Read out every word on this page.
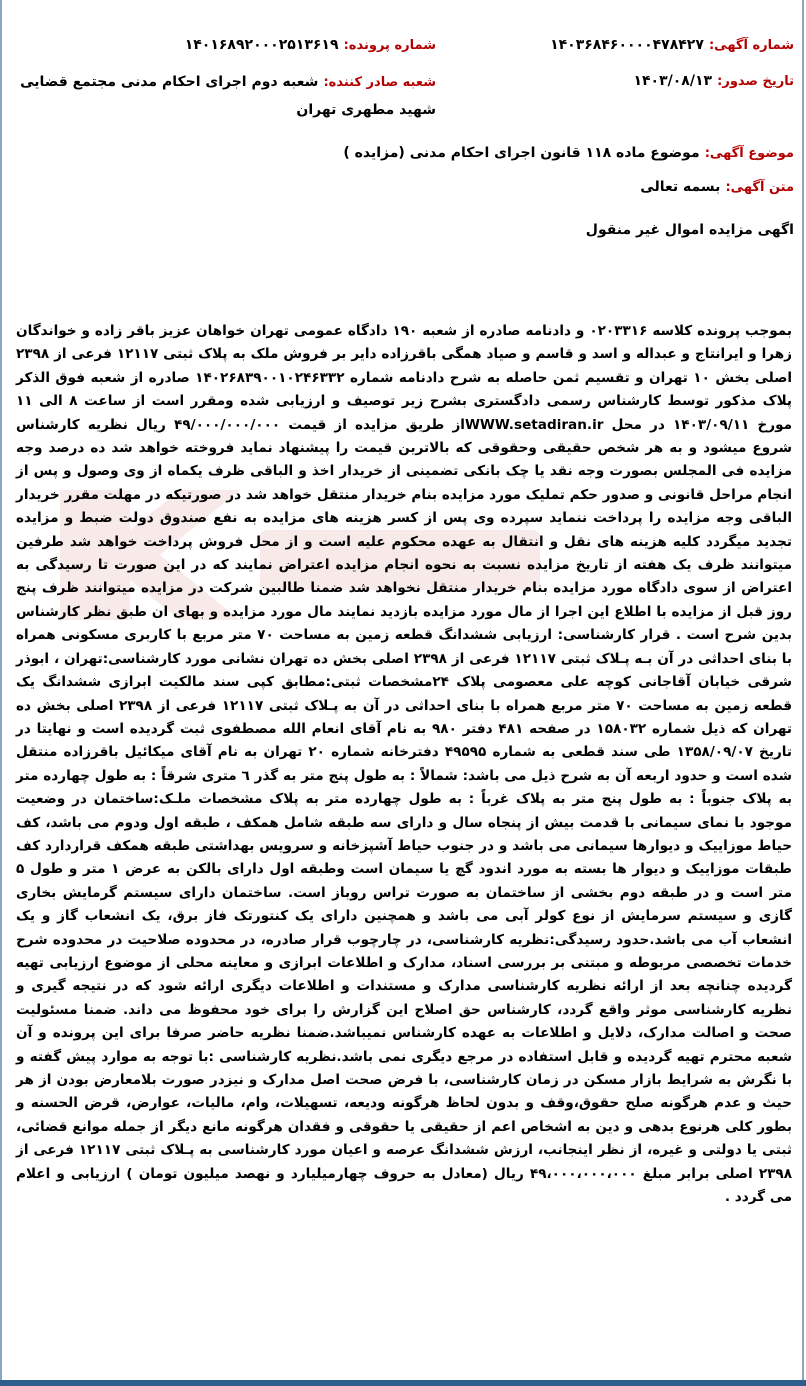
شماره آگهی: ۱۴۰۳۶۸۴۶۰۰۰۰۴۷۸۴۲۷
شماره پرونده: ۱۴۰۱۶۸۹۲۰۰۰۲۵۱۳۶۱۹
تاریخ صدور: ۱۴۰۳/۰۸/۱۳
شعبه صادر کننده: شعبه دوم اجرای احکام مدنی مجتمع قضایی شهید مطهری تهران
موضوع آگهی: موضوع ماده ۱۱۸ قانون اجرای احکام مدنی (مزایده )
متن آگهی: بسمه تعالی
اگهی مزایده اموال غیر منقول
بموجب پرونده کلاسه ۰۲۰۳۳۱۶ و دادنامه صادره از شعبه ۱۹۰ دادگاه عمومی تهران خواهان عزیز باقر زاده و خواندگان زهرا و ایرانتاج و عبداله و اسد و قاسم و صیاد همگی باقرزاده دایر بر فروش ملک به پلاک ثبتی ۱۲۱۱۷ فرعی از ۲۳۹۸ اصلی بخش ۱۰ تهران و تقسیم ثمن حاصله به شرح دادنامه شماره ۱۴۰۲۶۸۳۹۰۰۱۰۲۴۶۳۳۲ صادره از شعبه فوق الذکر پلاک مذکور توسط کارشناس رسمی دادگستری بشرح زیر توصیف و ارزیابی شده ومقرر است از ساعت ۸ الی ۱۱ مورخ ۱۴۰۳/۰۹/۱۱ در محل WWW.setadiran.irاز طریق مزایده از قیمت ۴۹/۰۰۰/۰۰۰/۰۰۰ ریال نظریه کارشناس شروع میشود و به هر شخص حقیقی وحقوقی که بالاترین قیمت را پیشنهاد نماید فروخته خواهد شد ده درصد وجه مزایده فی المجلس بصورت وجه نقد یا چک بانکی تضمینی از خریدار اخذ و الباقی ظرف یکماه از وی وصول و پس از انجام مراحل قانونی و صدور حکم تملیک مورد مزایده بنام خریدار منتقل خواهد شد در صورتیکه در مهلت مقرر خریدار الباقی وجه مزایده را پرداخت ننماید سپرده وی پس از کسر هزینه های مزایده به نفع صندوق دولت ضبط و مزایده تجدید میگردد کلیه هزینه های نقل و انتقال به عهده محکوم علیه است و از محل فروش پرداخت خواهد شد طرفین میتوانند ظرف یک هفته از تاریخ مزایده نسبت به نحوه انجام مزایده اعتراض نمایند که در این صورت تا رسیدگی به اعتراض از سوی دادگاه مورد مزایده بنام خریدار منتقل نخواهد شد ضمنا طالبین شرکت در مزایده میتوانند ظرف پنج روز قبل از مزایده با اطلاع این اجرا از مال مورد مزایده بازدید نمایند مال مورد مزایده و بهای ان طبق نظر کارشناس بدین شرح است . قرار کارشناسی: ارزیابی ششدانگ قطعه زمین به مساحت ۷۰ متر مربع با کاربری مسکونی همراه با بنای احداثی در آن بـه پـلاک ثبتی ۱۲۱۱۷ فرعی از ۲۳۹۸ اصلی بخش ده تهران نشانی مورد کارشناسی:تهران ، ابوذر شرقی خیابان آقاجانی کوچه علی معصومی پلاک ۲۴مشخصات ثبتی:مطابق کپی سند مالکیت ابرازی ششدانگ یک قطعه زمین به مساحت ۷۰ متر مربع همراه با بنای احداثی در آن به پـلاک ثبتی ۱۲۱۱۷ فرعی از ۲۳۹۸ اصلی بخش ده تهران که ذیل شماره ۱۵۸۰۳۲ در صفحه ۴۸۱ دفتر ۹۸۰ به نام آقای انعام الله مصطفوی ثبت گردیده است و نهایتا در تاریخ ۱۳۵۸/۰۹/۰۷ طی سند قطعی به شماره ۴۹۵۹۵ دفترخانه شماره ۲۰ تهران به نام آقای میکائیل باقرزاده منتقل شده است و حدود اربعه آن به شرح ذیل می باشد: شمالاً : به طول پنج متر به گذر ٦ متری شرقاً : به طول چهارده متر به پلاک جنوباً : به طول پنج متر به پلاک غرباً : به طول چهارده متر به پلاک مشخصات ملـک:ساختمان در وضعیت موجود با نمای سیمانی با قدمت بیش از پنجاه سال و دارای سه طبقه شامل همکف ، طبقه اول ودوم می باشد، کف حیاط موزاییک و دیوارها سیمانی می باشد و در جنوب حیاط آشپزخانه و سرویس بهداشتی طبقه همکف قراردارد کف طبقات موزاییک و دیوار ها بسته به مورد اندود گچ یا سیمان است وطبقه اول دارای بالکن به عرض ۱ متر و طول ۵ متر است و در طبقه دوم بخشی از ساختمان به صورت تراس روباز است. ساختمان دارای سیستم گرمایش بخاری گازی و سیستم سرمایش از نوع کولر آبی می باشد و همچنین دارای یک کنتورتک فاز برق، یک انشعاب گاز و یک انشعاب آب می باشد.حدود رسیدگی:نظریه کارشناسی، در چارچوب قرار صادره، در محدوده صلاحیت در محدوده شرح خدمات تخصصی مربوطه و مبتنی بر بررسی اسناد، مدارک و اطلاعات ابرازی و معاینه محلی از موضوع ارزیابی تهیه گردیده چنانچه بعد از ارائه نظریه کارشناسی مدارک و مستندات و اطلاعات دیگری ارائه شود که در نتیجه گیری و نظریه کارشناسی موثر واقع گردد، کارشناس حق اصلاح این گزارش را برای خود محفوظ می داند. ضمنا مسئولیت صحت و اصالت مدارک، دلایل و اطلاعات به عهده کارشناس نمیباشد.ضمنا نظریه حاضر صرفا برای این پرونده و آن شعبه محترم تهیه گردیده و قابل استفاده در مرجع دیگری نمی باشد.نظریه کارشناسی :با توجه به موارد پیش گفته و با نگرش به شرایط بازار مسکن در زمان کارشناسی، با فرض صحت اصل مدارک و نیزدر صورت بلامعارض بودن از هر حیث و عدم هرگونه صلح حقوق،وقف و بدون لحاظ هرگونه ودیعه، تسهیلات، وام، مالیات، عوارض، قرض الحسنه و بطور کلی هرنوع بدهی و دین به اشخاص اعم از حقیقی یا حقوقی و فقدان هرگونه مانع دیگر از جمله موانع قضائی، ثبتی یا دولتی و غیره، از نظر اینجانب، ارزش ششدانگ عرصه و اعیان مورد کارشناسی به پـلاک ثبتی ۱۲۱۱۷ فرعی از ۲۳۹۸ اصلی برابر مبلغ ۴۹،۰۰۰،۰۰۰،۰۰۰ ریال (معادل به حروف چهارمیلیارد و نهصد میلیون تومان ) ارزیابی و اعلام می گردد .
